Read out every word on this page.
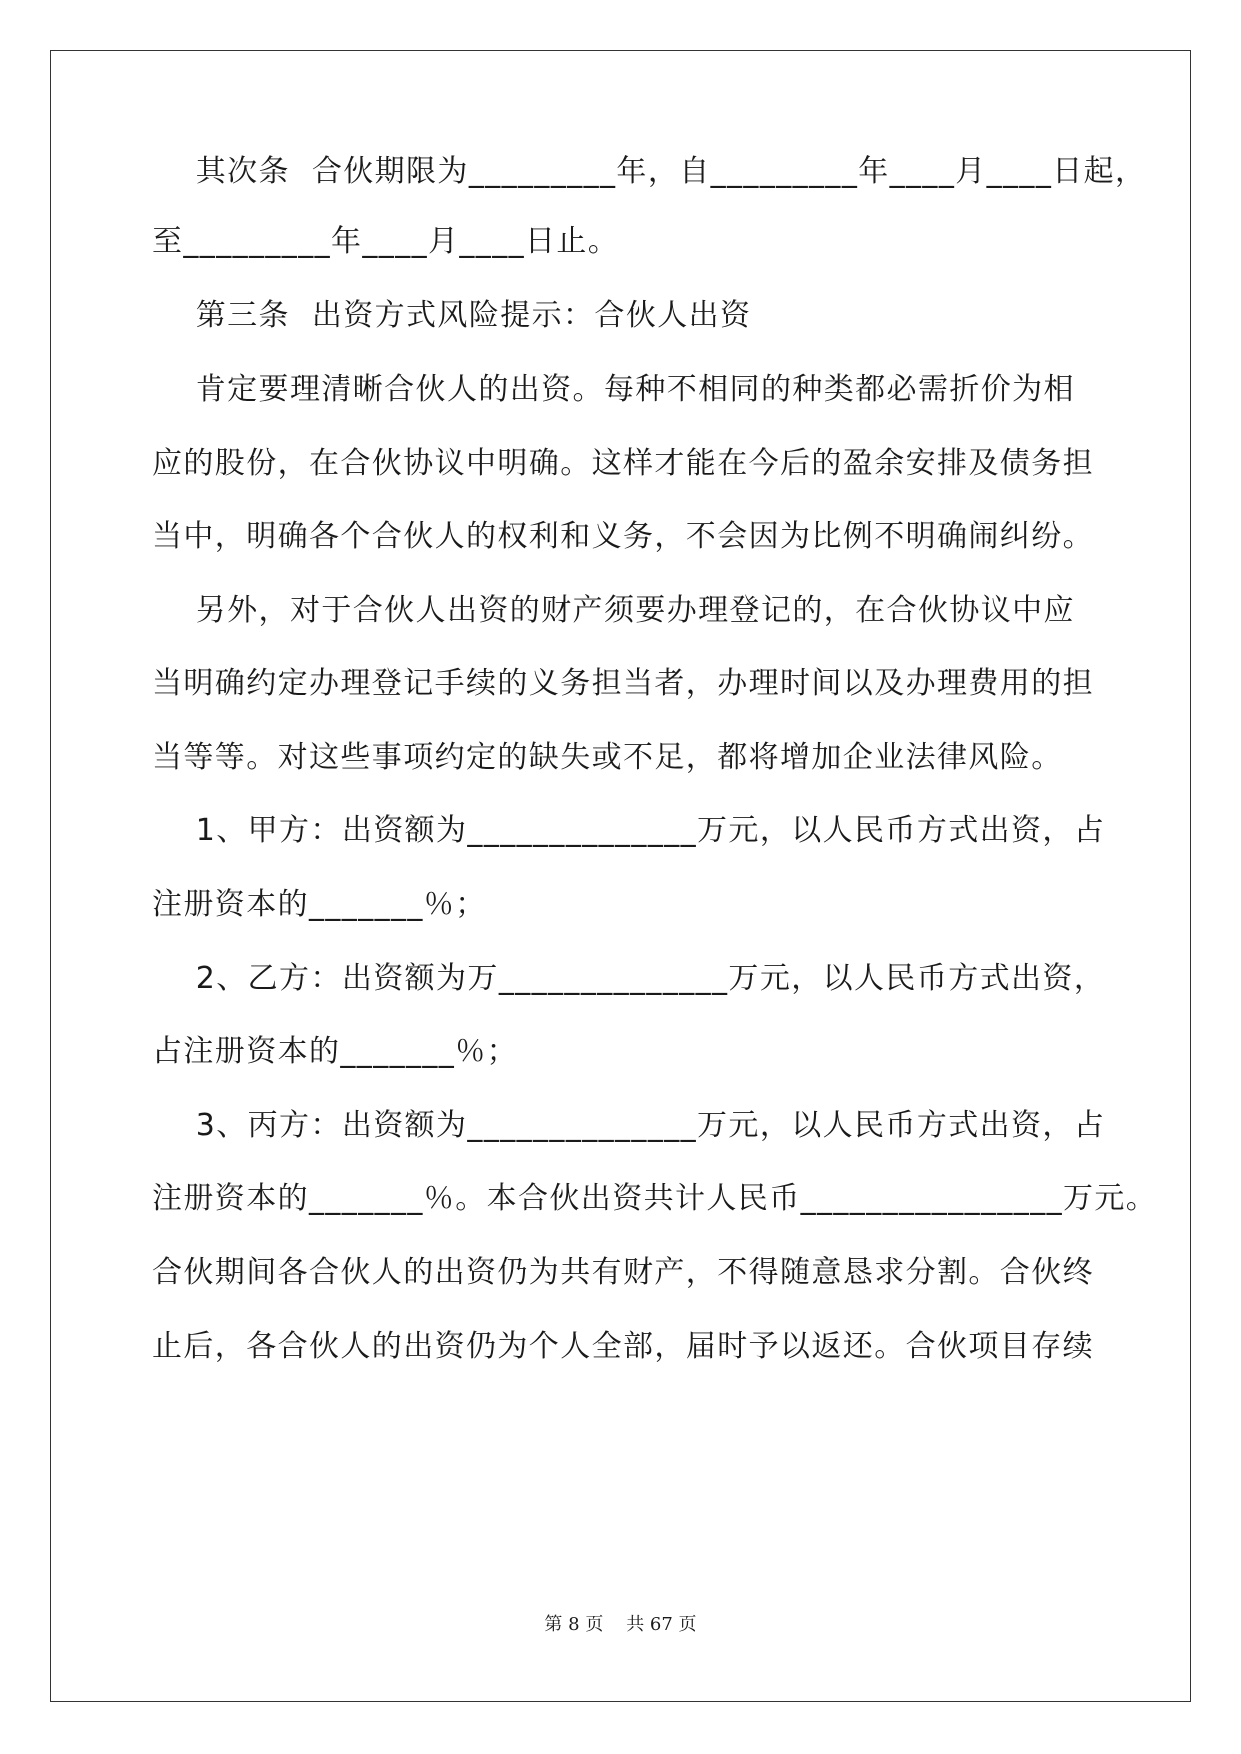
其次条  合伙期限为_________年，自_________年____月____日起，
至_________年____月____日止。
第三条  出资方式风险提示：合伙人出资
肯定要理清晰合伙人的出资。每种不相同的种类都必需折价为相
应的股份，在合伙协议中明确。这样才能在今后的盈余安排及债务担
当中，明确各个合伙人的权利和义务，不会因为比例不明确闹纠纷。
另外，对于合伙人出资的财产须要办理登记的，在合伙协议中应
当明确约定办理登记手续的义务担当者，办理时间以及办理费用的担
当等等。对这些事项约定的缺失或不足，都将增加企业法律风险。
1、甲方：出资额为______________万元，以人民币方式出资，占
注册资本的_______％；
2、乙方：出资额为万______________万元，以人民币方式出资，
占注册资本的_______％；
3、丙方：出资额为______________万元，以人民币方式出资，占
注册资本的_______％。本合伙出资共计人民币________________万元。
合伙期间各合伙人的出资仍为共有财产，不得随意恳求分割。合伙终
止后，各合伙人的出资仍为个人全部，届时予以返还。合伙项目存续
第 8 页    共 67 页
